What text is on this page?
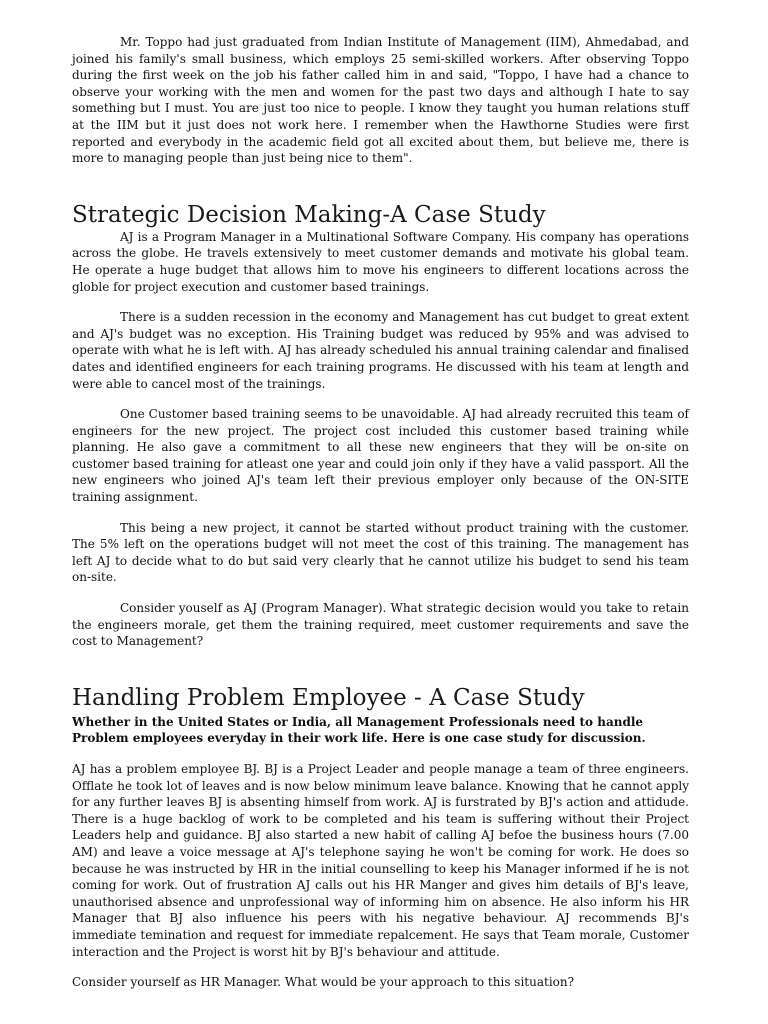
Mr. Toppo had just graduated from Indian Institute of Management (IIM), Ahmedabad, and joined his family's small business, which employs 25 semi-skilled workers. After observing Toppo during the first week on the job his father called him in and said, "Toppo, I have had a chance to observe your working with the men and women for the past two days and although I hate to say something but I must. You are just too nice to people. I know they taught you human relations stuff at the IIM but it just does not work here. I remember when the Hawthorne Studies were first reported and everybody in the academic field got all excited about them, but believe me, there is more to managing people than just being nice to them".

Strategic Decision Making-A Case Study

AJ is a Program Manager in a Multinational Software Company. His company has operations across the globe. He travels extensively to meet customer demands and motivate his global team. He operate a huge budget that allows him to move his engineers to different locations across the globle for project execution and customer based trainings.

There is a sudden recession in the economy and Management has cut budget to great extent and AJ's budget was no exception. His Training budget was reduced by 95% and was advised to operate with what he is left with. AJ has already scheduled his annual training calendar and finalised dates and identified engineers for each training programs. He discussed with his team at length and were able to cancel most of the trainings.

One Customer based training seems to be unavoidable. AJ had already recruited this team of engineers for the new project. The project cost included this customer based training while planning. He also gave a commitment to all these new engineers that they will be on-site on customer based training for atleast one year and could join only if they have a valid passport. All the new engineers who joined AJ's team left their previous employer only because of the ON-SITE training assignment.

This being a new project, it cannot be started without product training with the customer. The 5% left on the operations budget will not meet the cost of this training. The management has left AJ to decide what to do but said very clearly that he cannot utilize his budget to send his team on-site.

Consider youself as AJ (Program Manager). What strategic decision would you take to retain the engineers morale, get them the training required, meet customer requirements and save the cost to Management?

Handling Problem Employee - A Case Study

Whether in the United States or India, all Management Professionals need to handle Problem employees everyday in their work life. Here is one case study for discussion.

AJ has a problem employee BJ. BJ is a Project Leader and people manage a team of three engineers. Offlate he took lot of leaves and is now below minimum leave balance. Knowing that he cannot apply for any further leaves BJ is absenting himself from work. AJ is furstrated by BJ's action and attidude. There is a huge backlog of work to be completed and his team is suffering without their Project Leaders help and guidance. BJ also started a new habit of calling AJ befoe the business hours (7.00 AM) and leave a voice message at AJ's telephone saying he won't be coming for work. He does so because he was instructed by HR in the initial counselling to keep his Manager informed if he is not coming for work. Out of frustration AJ calls out his HR Manger and gives him details of BJ's leave, unauthorised absence and unprofessional way of informing him on absence. He also inform his HR Manager that BJ also influence his peers with his negative behaviour. AJ recommends BJ's immediate temination and request for immediate repalcement. He says that Team morale, Customer interaction and the Project is worst hit by BJ's behaviour and attitude.

Consider yourself as HR Manager. What would be your approach to this situation?
